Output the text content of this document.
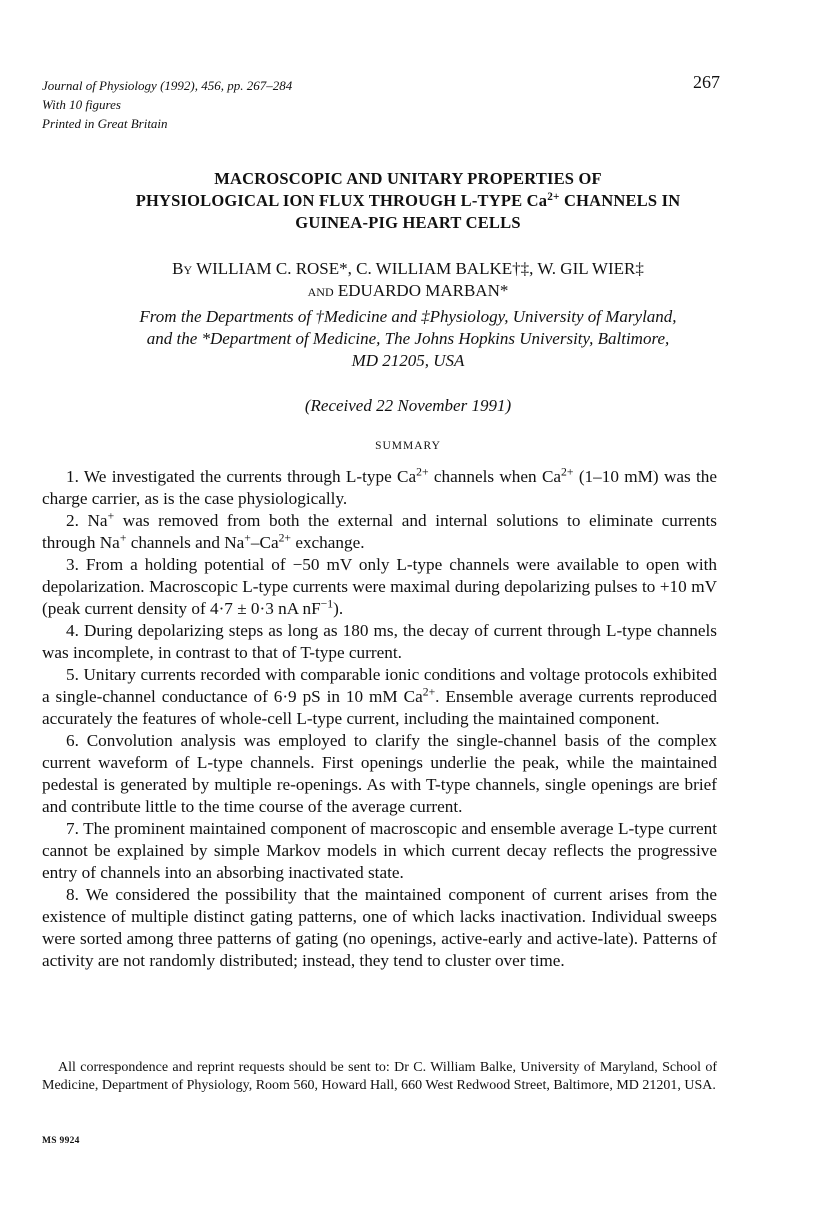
Journal of Physiology (1992), 456, pp. 267–284
With 10 figures
Printed in Great Britain
267
MACROSCOPIC AND UNITARY PROPERTIES OF
PHYSIOLOGICAL ION FLUX THROUGH L-TYPE $Ca^{2+}$ CHANNELS IN
GUINEA-PIG HEART CELLS
By WILLIAM C. ROSE*, C. WILLIAM BALKE†‡, W. GIL WIER‡
and EDUARDO MARBAN*
From the Departments of †Medicine and ‡Physiology, University of Maryland,
and the *Department of Medicine, The Johns Hopkins University, Baltimore,
MD 21205, USA
(Received 22 November 1991)
SUMMARY

1. We investigated the currents through L-type $Ca^{2+}$ channels when $Ca^{2+}$ (1–10 mM) was the charge carrier, as is the case physiologically.

2. Na+ was removed from both the external and internal solutions to eliminate currents through Na+ channels and $Na^+-Ca^{2+}$ exchange.

3. From a holding potential of −50 mV only L-type channels were available to open with depolarization. Macroscopic L-type currents were maximal during depolarizing pulses to +10 mV (peak current density of 4·7 ± 0·3 nA $nF^{-1}$).

4. During depolarizing steps as long as 180 ms, the decay of current through L-type channels was incomplete, in contrast to that of T-type current.

5. Unitary currents recorded with comparable ionic conditions and voltage protocols exhibited a single-channel conductance of 6·9 pS in 10 mM $Ca^{2+}$. Ensemble average currents reproduced accurately the features of whole-cell L-type current, including the maintained component.

6. Convolution analysis was employed to clarify the single-channel basis of the complex current waveform of L-type channels. First openings underlie the peak, while the maintained pedestal is generated by multiple re-openings. As with T-type channels, single openings are brief and contribute little to the time course of the average current.

7. The prominent maintained component of macroscopic and ensemble average L-type current cannot be explained by simple Markov models in which current decay reflects the progressive entry of channels into an absorbing inactivated state.

8. We considered the possibility that the maintained component of current arises from the existence of multiple distinct gating patterns, one of which lacks inactivation. Individual sweeps were sorted among three patterns of gating (no openings, active-early and active-late). Patterns of activity are not randomly distributed; instead, they tend to cluster over time.

All correspondence and reprint requests should be sent to: Dr C. William Balke, University of Maryland, School of Medicine, Department of Physiology, Room 560, Howard Hall, 660 West Redwood Street, Baltimore, MD 21201, USA.

MS 9924
